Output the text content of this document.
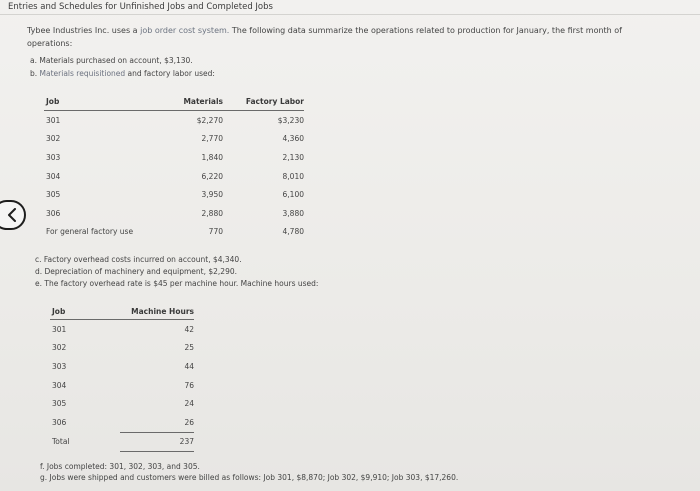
Entries and Schedules for Unfinished Jobs and Completed Jobs
Tybee Industries Inc. uses a job order cost system. The following data summarize the operations related to production for January, the first month of operations:
a. Materials purchased on account, $3,130.
b. Materials requisitioned and factory labor used:
Job	Materials	Factory Labor
301	$2,270	$3,230
302	2,770	4,360
303	1,840	2,130
304	6,220	8,010
305	3,950	6,100
306	2,880	3,880
For general factory use	770	4,780
c. Factory overhead costs incurred on account, $4,340.
d. Depreciation of machinery and equipment, $2,290.
e. The factory overhead rate is $45 per machine hour. Machine hours used:
Job	Machine Hours
301	42
302	25
303	44
304	76
305	24
306	26
Total	237
f. Jobs completed: 301, 302, 303, and 305.
g. Jobs were shipped and customers were billed as follows: Job 301, $8,870; Job 302, $9,910; Job 303, $17,260.
